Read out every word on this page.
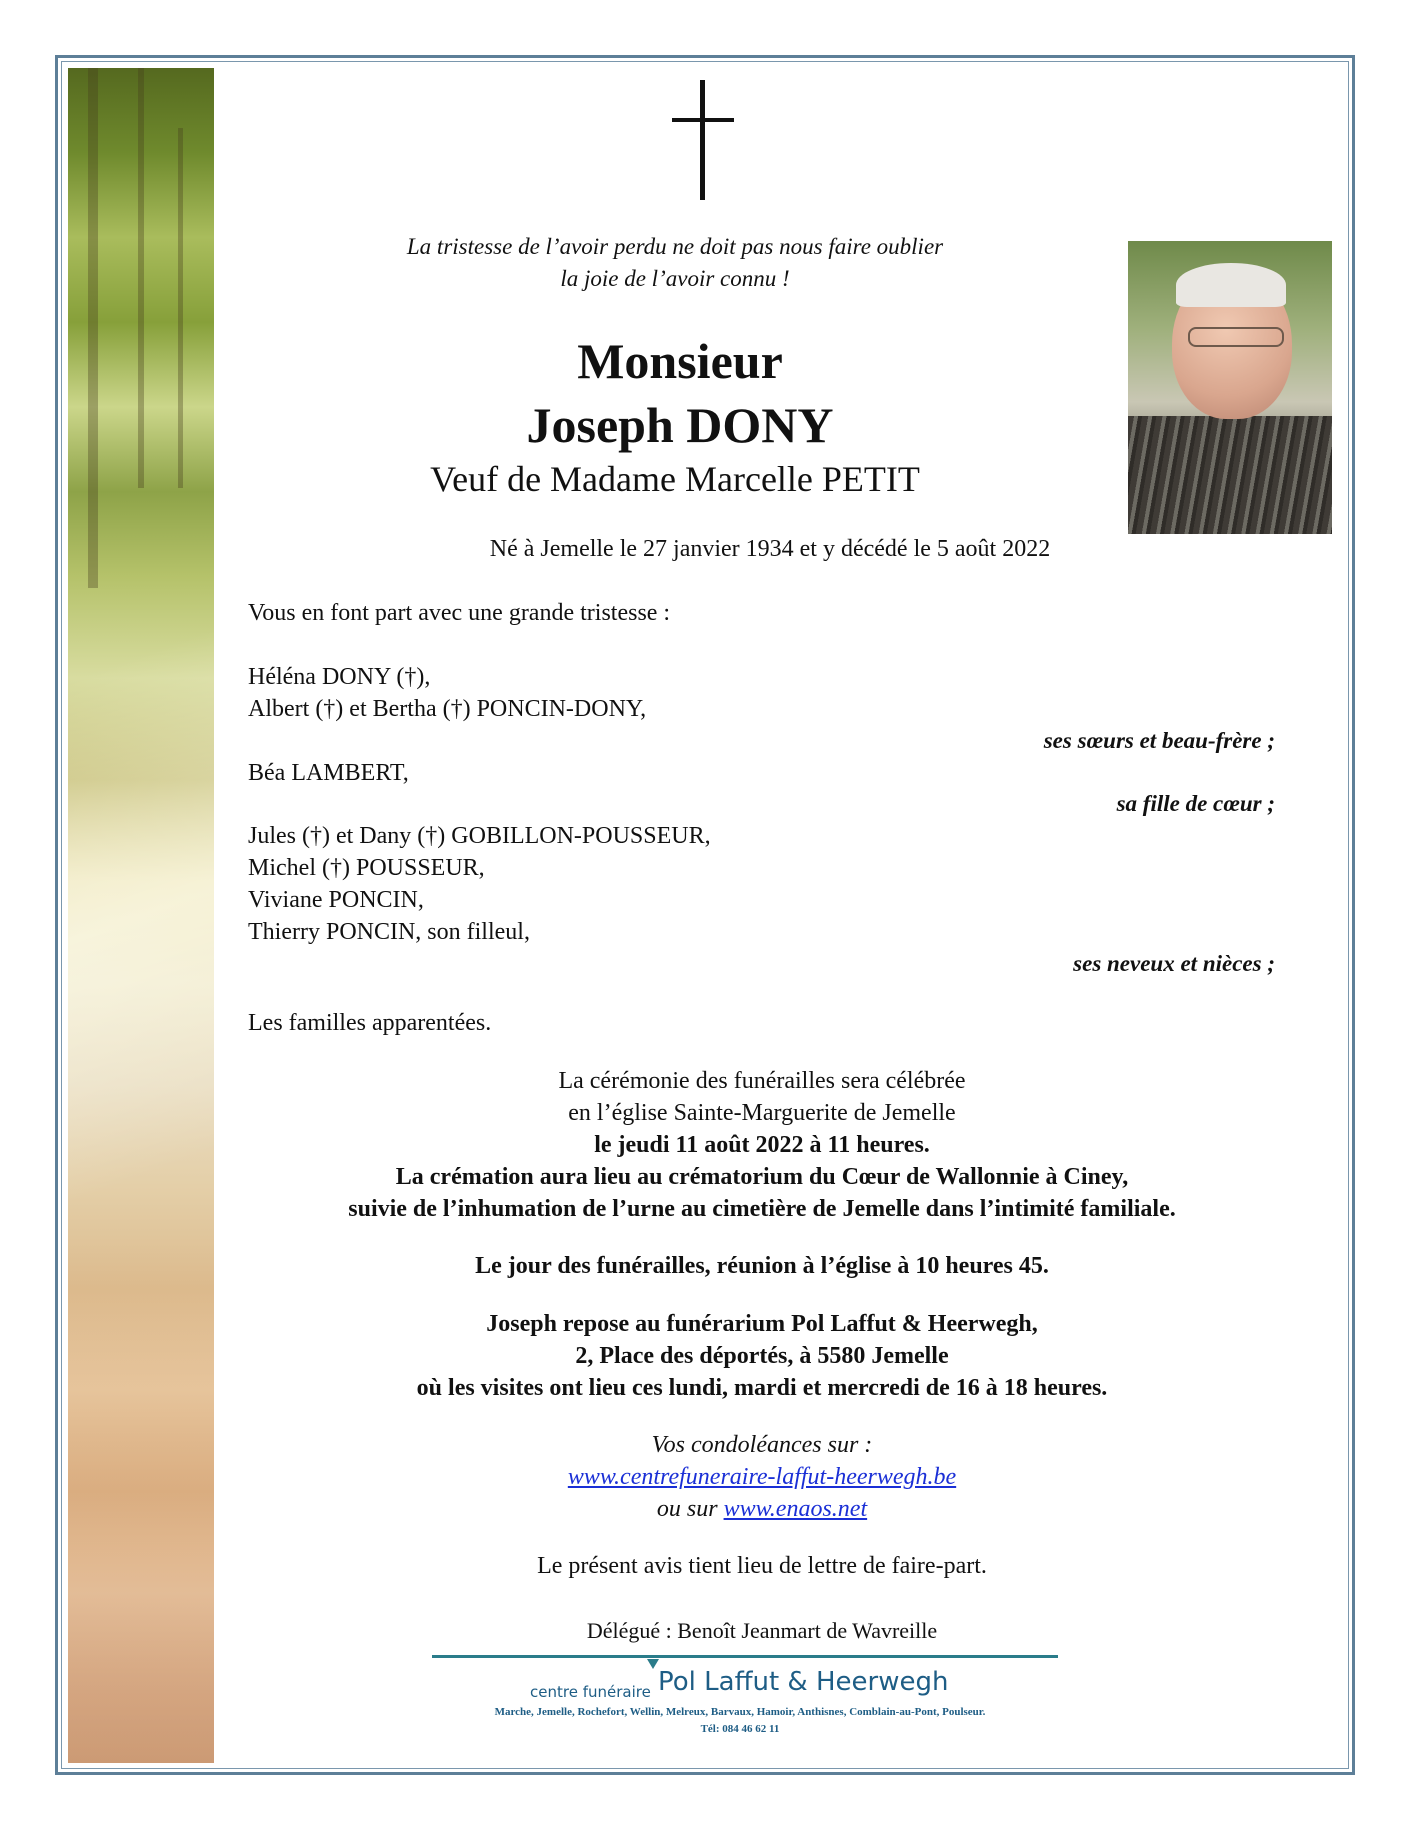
La tristesse de l’avoir perdu ne doit pas nous faire oublier
la joie de l’avoir connu !
Monsieur
Joseph DONY
Veuf de Madame Marcelle PETIT
Né à Jemelle le 27 janvier 1934 et y décédé le 5 août 2022
Vous en font part avec une grande tristesse :
Héléna DONY (†),
Albert (†) et Bertha (†) PONCIN-DONY,
ses sœurs et beau-frère ;
Béa LAMBERT,
sa fille de cœur ;
Jules (†) et Dany (†) GOBILLON-POUSSEUR,
Michel (†) POUSSEUR,
Viviane PONCIN,
Thierry PONCIN, son filleul,
ses neveux et nièces ;
Les familles apparentées.
La cérémonie des funérailles sera célébrée
en l’église Sainte-Marguerite de Jemelle
le jeudi 11 août 2022 à 11 heures.
La crémation aura lieu au crématorium du Cœur de Wallonnie à Ciney,
suivie de l’inhumation de l’urne au cimetière de Jemelle dans l’intimité familiale.
Le jour des funérailles, réunion à l’église à 10 heures 45.
Joseph repose au funérarium Pol Laffut & Heerwegh,
2, Place des déportés, à 5580 Jemelle
où les visites ont lieu ces lundi, mardi et mercredi de 16 à 18 heures.
Vos condoléances sur :
www.centrefuneraire-laffut-heerwegh.be
ou sur www.enaos.net
Le présent avis tient lieu de lettre de faire-part.
Délégué : Benoît Jeanmart de Wavreille
centre funéraire Pol Laffut & Heerwegh
Marche, Jemelle, Rochefort, Wellin, Melreux, Barvaux, Hamoir, Anthisnes, Comblain-au-Pont, Poulseur.
Tél: 084 46 62 11
